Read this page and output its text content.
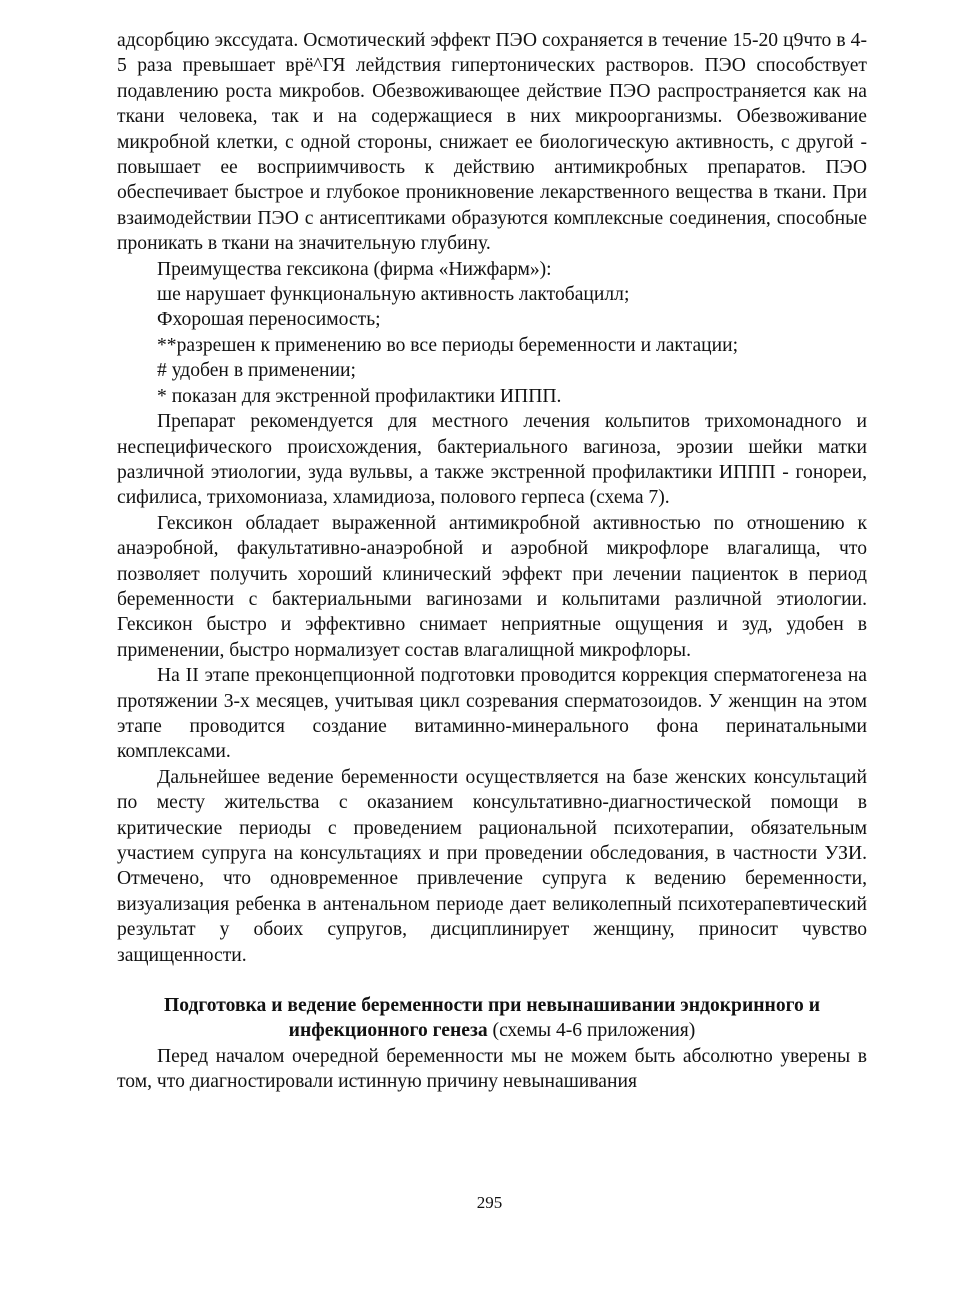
адсорбцию экссудата. Осмотический эффект ПЭО сохраняется в течение 15-20 ц9что в 4-5 раза превышает врё^ГЯ лейдствия гипертонических растворов. ПЭО способствует подавлению роста микробов. Обезвоживающее действие ПЭО распространяется как на ткани человека, так и на содержащиеся в них микроорганизмы. Обезвоживание микробной клетки, с одной стороны, снижает ее биологическую активность, с другой - повышает ее восприимчивость к действию антимикробных препаратов. ПЭО обеспечивает быстрое и глубокое проникновение лекарственного вещества в ткани. При взаимодействии ПЭО с антисептиками образуются комплексные соединения, способные проникать в ткани на значительную глубину.

Преимущества гексикона (фирма «Нижфарм»):

ше нарушает функциональную активность лактобацилл;

Фхорошая переносимость;

**разрешен к применению во все периоды беременности и лактации;

# удобен в применении;

* показан для экстренной профилактики ИППП.

Препарат рекомендуется для местного лечения кольпитов трихомонадного и неспецифического происхождения, бактериального вагиноза, эрозии шейки матки различной этиологии, зуда вульвы, а также экстренной профилактики ИППП - гонореи, сифилиса, трихомониаза, хламидиоза, полового герпеса (схема 7).

Гексикон обладает выраженной антимикробной активностью по отношению к анаэробной, факультативно-анаэробной и аэробной микрофлоре влагалища, что позволяет получить хороший клинический эффект при лечении пациенток в период беременности с бактериальными вагинозами и кольпитами различной этиологии. Гексикон быстро и эффективно снимает неприятные ощущения и зуд, удобен в применении, быстро нормализует состав влагалищной микрофлоры.

На II этапе преконцепционной подготовки проводится коррекция сперматогенеза на протяжении 3-х месяцев, учитывая цикл созревания сперматозоидов. У женщин на этом этапе проводится создание витаминно-минерального фона перинатальными комплексами.

Дальнейшее ведение беременности осуществляется на базе женских консультаций по месту жительства с оказанием консультативно-диагностической помощи в критические периоды с проведением рациональной психотерапии, обязательным участием супруга на консультациях и при проведении обследования, в частности УЗИ. Отмечено, что одновременное привлечение супруга к ведению беременности, визуализация ребенка в антенальном периоде дает великолепный психотерапевтический результат у обоих супругов, дисциплинирует женщину, приносит чувство защищенности.

Подготовка и ведение беременности при невынашивании эндокринного и инфекционного генеза (схемы 4-6 приложения)

Перед началом очередной беременности мы не можем быть абсолютно уверены в том, что диагностировали истинную причину невынашивания

295
